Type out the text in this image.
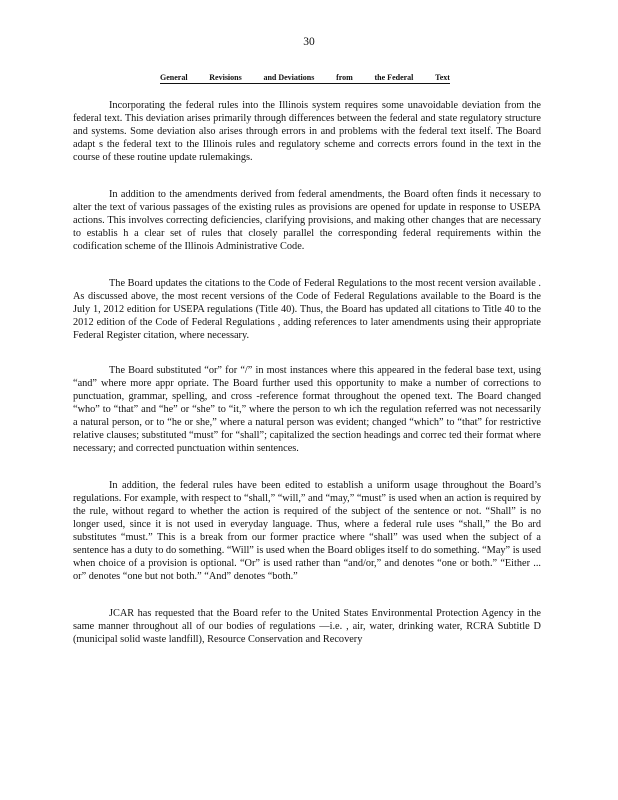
30
General	Revisions	and Deviations	from	the Federal	Text

Incorporating the federal rules into the Illinois system requires some unavoidable deviation from the federal text. This deviation arises primarily through differences between the federal and state regulatory structure and systems. Some deviation also arises through errors in and problems with the federal text itself. The Board adapt s the federal text to the Illinois rules and regulatory scheme and corrects errors found in the text in the course of these routine update rulemakings.

In addition to the amendments derived from federal amendments, the Board often finds it necessary to alter the text of various passages of the existing rules as provisions are opened for update in response to USEPA actions. This involves correcting deficiencies, clarifying provisions, and making other changes that are necessary to establis h a clear set of rules that closely parallel the corresponding federal requirements within the codification scheme of the Illinois Administrative Code.

The Board updates the citations to the Code of Federal Regulations to the most recent version available . As discussed above, the most recent versions of the Code of Federal Regulations available to the Board is the July 1, 2012 edition for USEPA regulations (Title 40). Thus, the Board has updated all citations to Title 40 to the 2012 edition of the Code of Federal Regulations , adding references to later amendments using their appropriate Federal Register citation, where necessary.

The Board substituted “or” for “/” in most instances where this appeared in the federal base text, using “and” where more appr opriate. The Board further used this opportunity to make a number of corrections to punctuation, grammar, spelling, and cross -reference format throughout the opened text. The Board changed “who” to “that” and “he” or “she” to “it,” where the person to wh ich the regulation referred was not necessarily a natural person, or to “he or she,” where a natural person was evident; changed “which” to “that” for restrictive relative clauses; substituted “must” for “shall”; capitalized the section headings and correc ted their format where necessary; and corrected punctuation within sentences.

In addition, the federal rules have been edited to establish a uniform usage throughout the Board’s regulations. For example, with respect to “shall,” “will,” and “may,” “must” is used when an action is required by the rule, without regard to whether the action is required of the subject of the sentence or not. “Shall” is no longer used, since it is not used in everyday language. Thus, where a federal rule uses “shall,” the Bo ard substitutes “must.” This is a break from our former practice where “shall” was used when the subject of a sentence has a duty to do something. “Will” is used when the Board obliges itself to do something. “May” is used when choice of a provision is optional. “Or” is used rather than “and/or,” and denotes “one or both.” “Either ... or” denotes “one but not both.” “And” denotes “both.”

JCAR has requested that the Board refer to the United States Environmental Protection Agency in the same manner throughout all of our bodies of regulations —i.e. , air, water, drinking water, RCRA Subtitle D (municipal solid waste landfill), Resource Conservation and Recovery
